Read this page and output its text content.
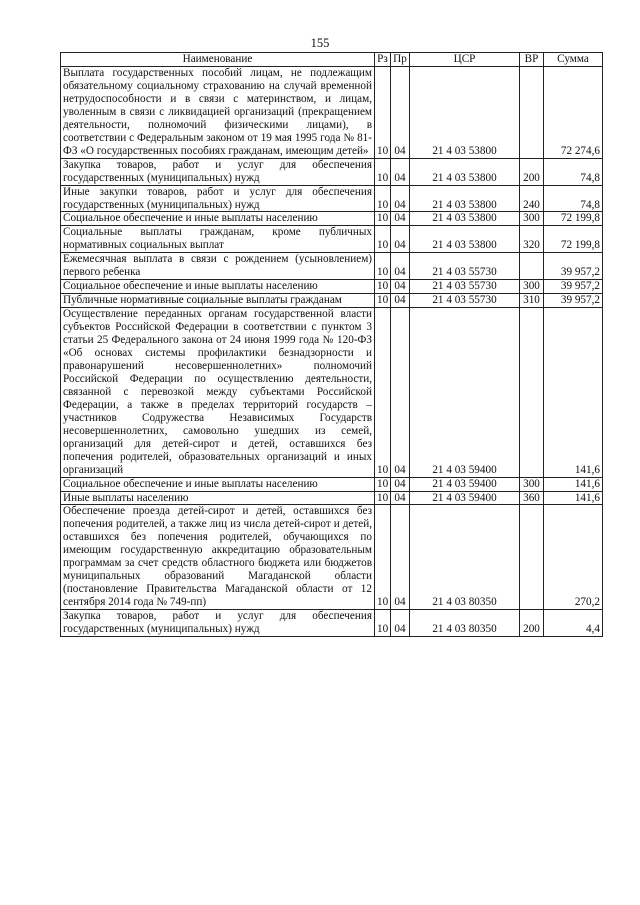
155
Наименование	Рз	Пр	ЦСР	ВР	Сумма
Выплата государственных пособий лицам, не подлежащим обязательному социальному страхованию на случай временной нетрудоспособности и в связи с материнством, и лицам, уволенным в связи с ликвидацией организаций (прекращением деятельности, полномочий физическими лицами), в соответствии с Федеральным законом от 19 мая 1995 года № 81-ФЗ «О государственных пособиях гражданам, имеющим детей»	10	04	21 4 03 53800		72 274,6
Закупка товаров, работ и услуг для обеспечения государственных (муниципальных) нужд	10	04	21 4 03 53800	200	74,8
Иные закупки товаров, работ и услуг для обеспечения государственных (муниципальных) нужд	10	04	21 4 03 53800	240	74,8
Социальное обеспечение и иные выплаты населению	10	04	21 4 03 53800	300	72 199,8
Социальные выплаты гражданам, кроме публичных нормативных социальных выплат	10	04	21 4 03 53800	320	72 199,8
Ежемесячная выплата в связи с рождением (усыновлением) первого ребенка	10	04	21 4 03 55730		39 957,2
Социальное обеспечение и иные выплаты населению	10	04	21 4 03 55730	300	39 957,2
Публичные нормативные социальные выплаты гражданам	10	04	21 4 03 55730	310	39 957,2
Осуществление переданных органам государственной власти субъектов Российской Федерации в соответствии с пунктом 3 статьи 25 Федерального закона от 24 июня 1999 года № 120-ФЗ «Об основах системы профилактики безнадзорности и правонарушений несовершеннолетних» полномочий Российской Федерации по осуществлению деятельности, связанной с перевозкой между субъектами Российской Федерации, а также в пределах территорий государств – участников Содружества Независимых Государств несовершеннолетних, самовольно ушедших из семей, организаций для детей-сирот и детей, оставшихся без попечения родителей, образовательных организаций и иных организаций	10	04	21 4 03 59400		141,6
Социальное обеспечение и иные выплаты населению	10	04	21 4 03 59400	300	141,6
Иные выплаты населению	10	04	21 4 03 59400	360	141,6
Обеспечение проезда детей-сирот и детей, оставшихся без попечения родителей, а также лиц из числа детей-сирот и детей, оставшихся без попечения родителей, обучающихся по имеющим государственную аккредитацию образовательным программам за счет средств областного бюджета или бюджетов муниципальных образований Магаданской области (постановление Правительства Магаданской области от 12 сентября 2014 года № 749-пп)	10	04	21 4 03 80350		270,2
Закупка товаров, работ и услуг для обеспечения государственных (муниципальных) нужд	10	04	21 4 03 80350	200	4,4
